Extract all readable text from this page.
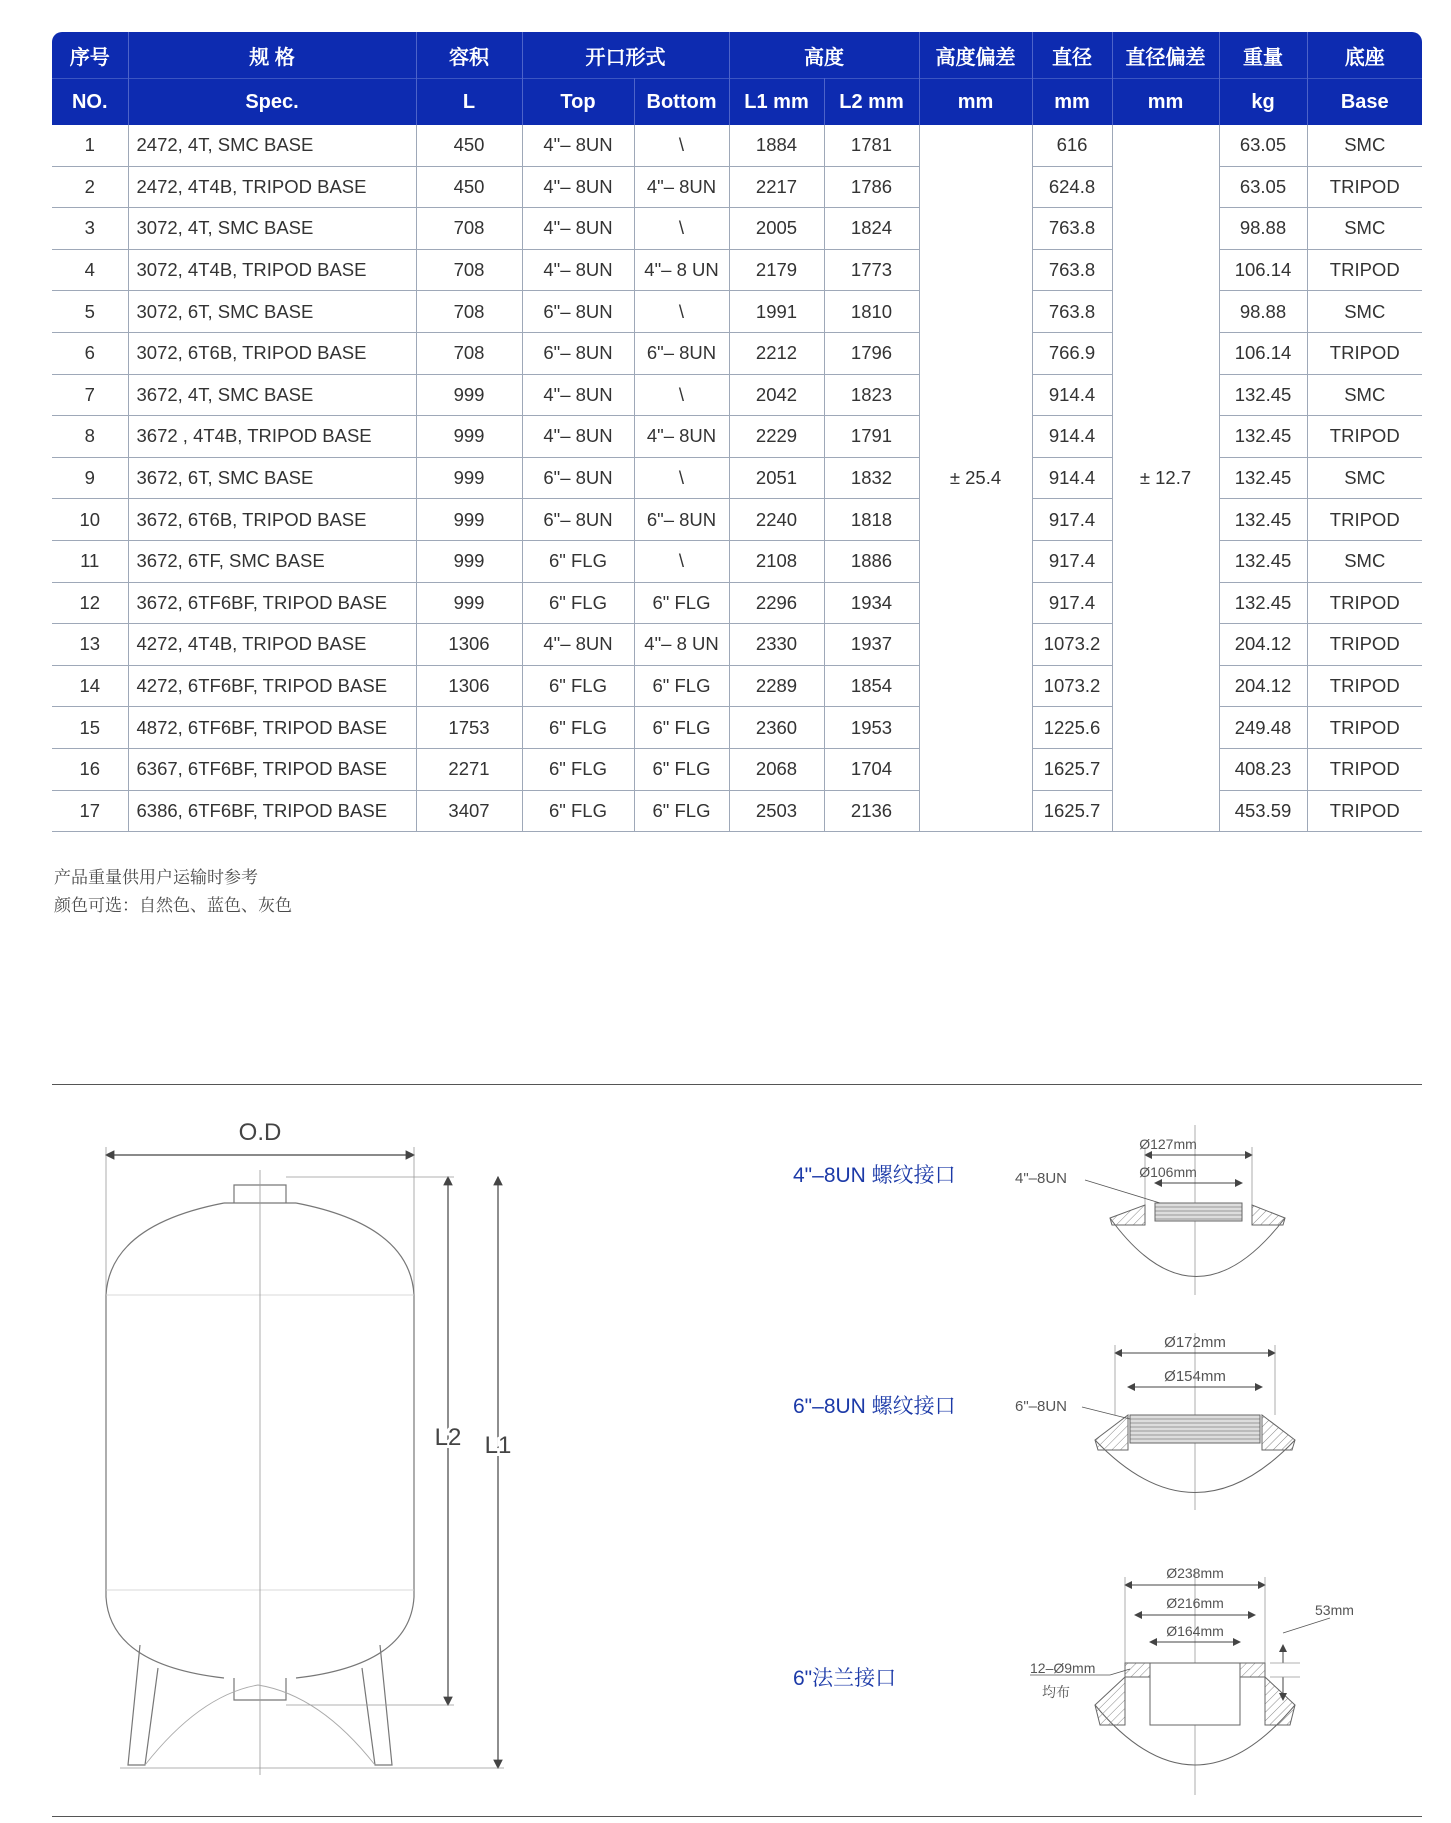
序号	规 格	容积	开口形式		高度		高度偏差	直径	直径偏差	重量	底座
NO.	Spec.	L	Top	Bottom	L1 mm	L2 mm	mm	mm	mm	kg	Base
1	2472, 4T, SMC BASE	450	4"– 8UN	\	1884	1781	± 25.4	616	± 12.7	63.05	SMC
2	2472, 4T4B, TRIPOD BASE	450	4"– 8UN	4"– 8UN	2217	1786		624.8		63.05	TRIPOD
3	3072, 4T, SMC BASE	708	4"– 8UN	\	2005	1824		763.8		98.88	SMC
4	3072, 4T4B, TRIPOD BASE	708	4"– 8UN	4"– 8 UN	2179	1773		763.8		106.14	TRIPOD
5	3072, 6T, SMC BASE	708	6"– 8UN	\	1991	1810		763.8		98.88	SMC
6	3072, 6T6B, TRIPOD BASE	708	6"– 8UN	6"– 8UN	2212	1796		766.9		106.14	TRIPOD
7	3672, 4T, SMC BASE	999	4"– 8UN	\	2042	1823		914.4		132.45	SMC
8	3672 , 4T4B, TRIPOD BASE	999	4"– 8UN	4"– 8UN	2229	1791		914.4		132.45	TRIPOD
9	3672, 6T, SMC BASE	999	6"– 8UN	\	2051	1832		914.4		132.45	SMC
10	3672, 6T6B, TRIPOD BASE	999	6"– 8UN	6"– 8UN	2240	1818		917.4		132.45	TRIPOD
11	3672, 6TF, SMC BASE	999	6" FLG	\	2108	1886		917.4		132.45	SMC
12	3672, 6TF6BF, TRIPOD BASE	999	6" FLG	6" FLG	2296	1934		917.4		132.45	TRIPOD
13	4272, 4T4B, TRIPOD BASE	1306	4"– 8UN	4"– 8 UN	2330	1937		1073.2		204.12	TRIPOD
14	4272, 6TF6BF, TRIPOD BASE	1306	6" FLG	6" FLG	2289	1854		1073.2		204.12	TRIPOD
15	4872, 6TF6BF, TRIPOD BASE	1753	6" FLG	6" FLG	2360	1953		1225.6		249.48	TRIPOD
16	6367, 6TF6BF, TRIPOD BASE	2271	6" FLG	6" FLG	2068	1704		1625.7		408.23	TRIPOD
17	6386, 6TF6BF, TRIPOD BASE	3407	6" FLG	6" FLG	2503	2136		1625.7		453.59	TRIPOD
产品重量供用户运输时参考
颜色可选：自然色、蓝色、灰色
O.D
L2 L1
4"–8UN 螺纹接口
Ø127mm
Ø106mm
4"–8UN
6"–8UN 螺纹接口
Ø172mm
Ø154mm
6"–8UN
6"法兰接口
Ø238mm
Ø216mm
Ø164mm
53mm
12–Ø9mm
均布
